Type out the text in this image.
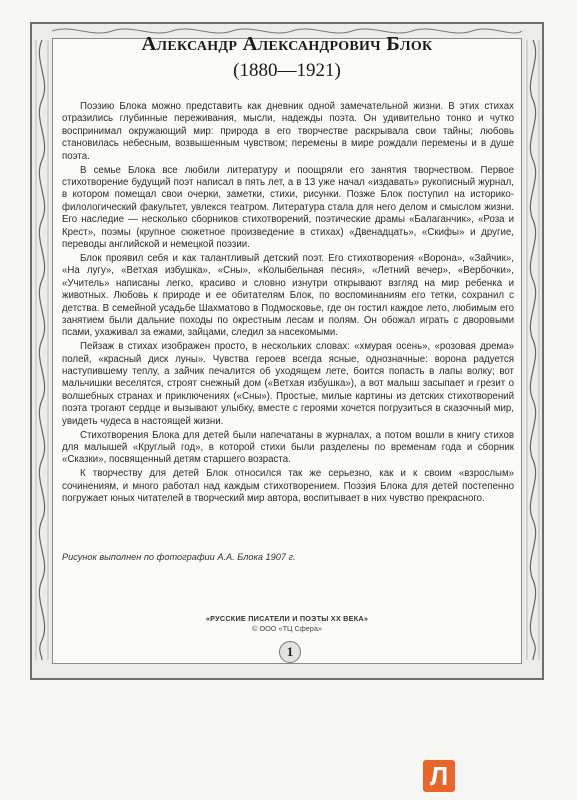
Александр Александрович Блок
(1880—1921)

Поэзию Блока можно представить как дневник одной замечательной жизни. В этих стихах отразились глубинные переживания, мысли, надежды поэта. Он удивительно тонко и чутко воспринимал окружающий мир: природа в его творчестве раскрывала свои тайны; любовь становилась небесным, возвышенным чувством; перемены в мире рождали перемены и в душе поэта.

В семье Блока все любили литературу и поощряли его занятия творчеством. Первое стихотворение будущий поэт написал в пять лет, а в 13 уже начал «издавать» рукописный журнал, в котором помещал свои очерки, заметки, стихи, рисунки. Позже Блок поступил на историко-филологический факультет, увлекся театром. Литература стала для него делом и смыслом жизни. Его наследие — несколько сборников стихотворений, поэтические драмы «Балаганчик», «Роза и Крест», поэмы (крупное сюжетное произведение в стихах) «Двенадцать», «Скифы» и другие, переводы английской и немецкой поэзии.

Блок проявил себя и как талантливый детский поэт. Его стихотворения «Ворона», «Зайчик», «На лугу», «Ветхая избушка», «Сны», «Колыбельная песня», «Летний вечер», «Вербочки», «Учитель» написаны легко, красиво и словно изнутри открывают взгляд на мир ребенка и животных. Любовь к природе и ее обитателям Блок, по воспоминаниям его тетки, сохранил с детства. В семейной усадьбе Шахматово в Подмосковье, где он гостил каждое лето, любимым его занятием были дальние походы по окрестным лесам и полям. Он обожал играть с дворовыми псами, ухаживал за ежами, зайцами, следил за насекомыми.

Пейзаж в стихах изображен просто, в нескольких словах: «хмурая осень», «розовая дрема» полей, «красный диск луны». Чувства героев всегда ясные, однозначные: ворона радуется наступившему теплу, а зайчик печалится об уходящем лете, боится попасть в лапы волку; вот мальчишки веселятся, строят снежный дом («Ветхая избушка»), а вот малыш засыпает и грезит о волшебных странах и приключениях («Сны»). Простые, милые картины из детских стихотворений поэта трогают сердце и вызывают улыбку, вместе с героями хочется погрузиться в сказочный мир, увидеть чудеса в настоящей жизни.

Стихотворения Блока для детей были напечатаны в журналах, а потом вошли в книгу стихов для малышей «Круглый год», в которой стихи были разделены по временам года и сборник «Сказки», посвященный детям старшего возраста.

К творчеству для детей Блок относился так же серьезно, как и к своим «взрослым» сочинениям, и много работал над каждым стихотворением. Поэзия Блока для детей постепенно погружает юных читателей в творческий мир автора, воспитывает в них чувство прекрасного.

Рисунок выполнен по фотографии А.А. Блока 1907 г.
«РУССКИЕ ПИСАТЕЛИ И ПОЭТЫ XX ВЕКА»
© ООО «ТЦ Сфера»
1
Л
